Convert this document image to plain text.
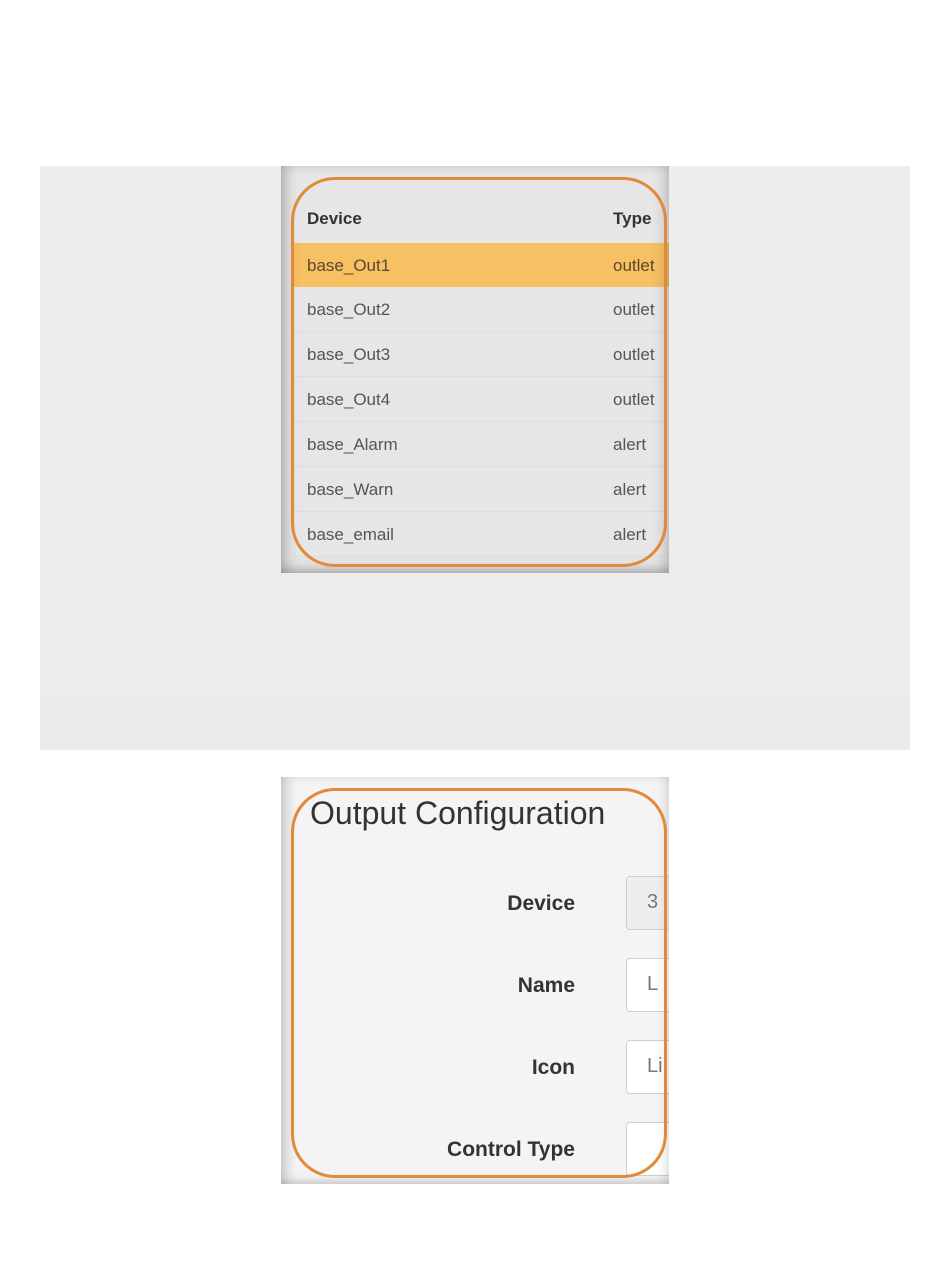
Device	Type
base_Out1	outlet
base_Out2	outlet
base_Out3	outlet
base_Out4	outlet
base_Alarm	alert
base_Warn	alert
base_email	alert
Output Configuration
Device	3
Name	L
Icon	Li
Control Type
